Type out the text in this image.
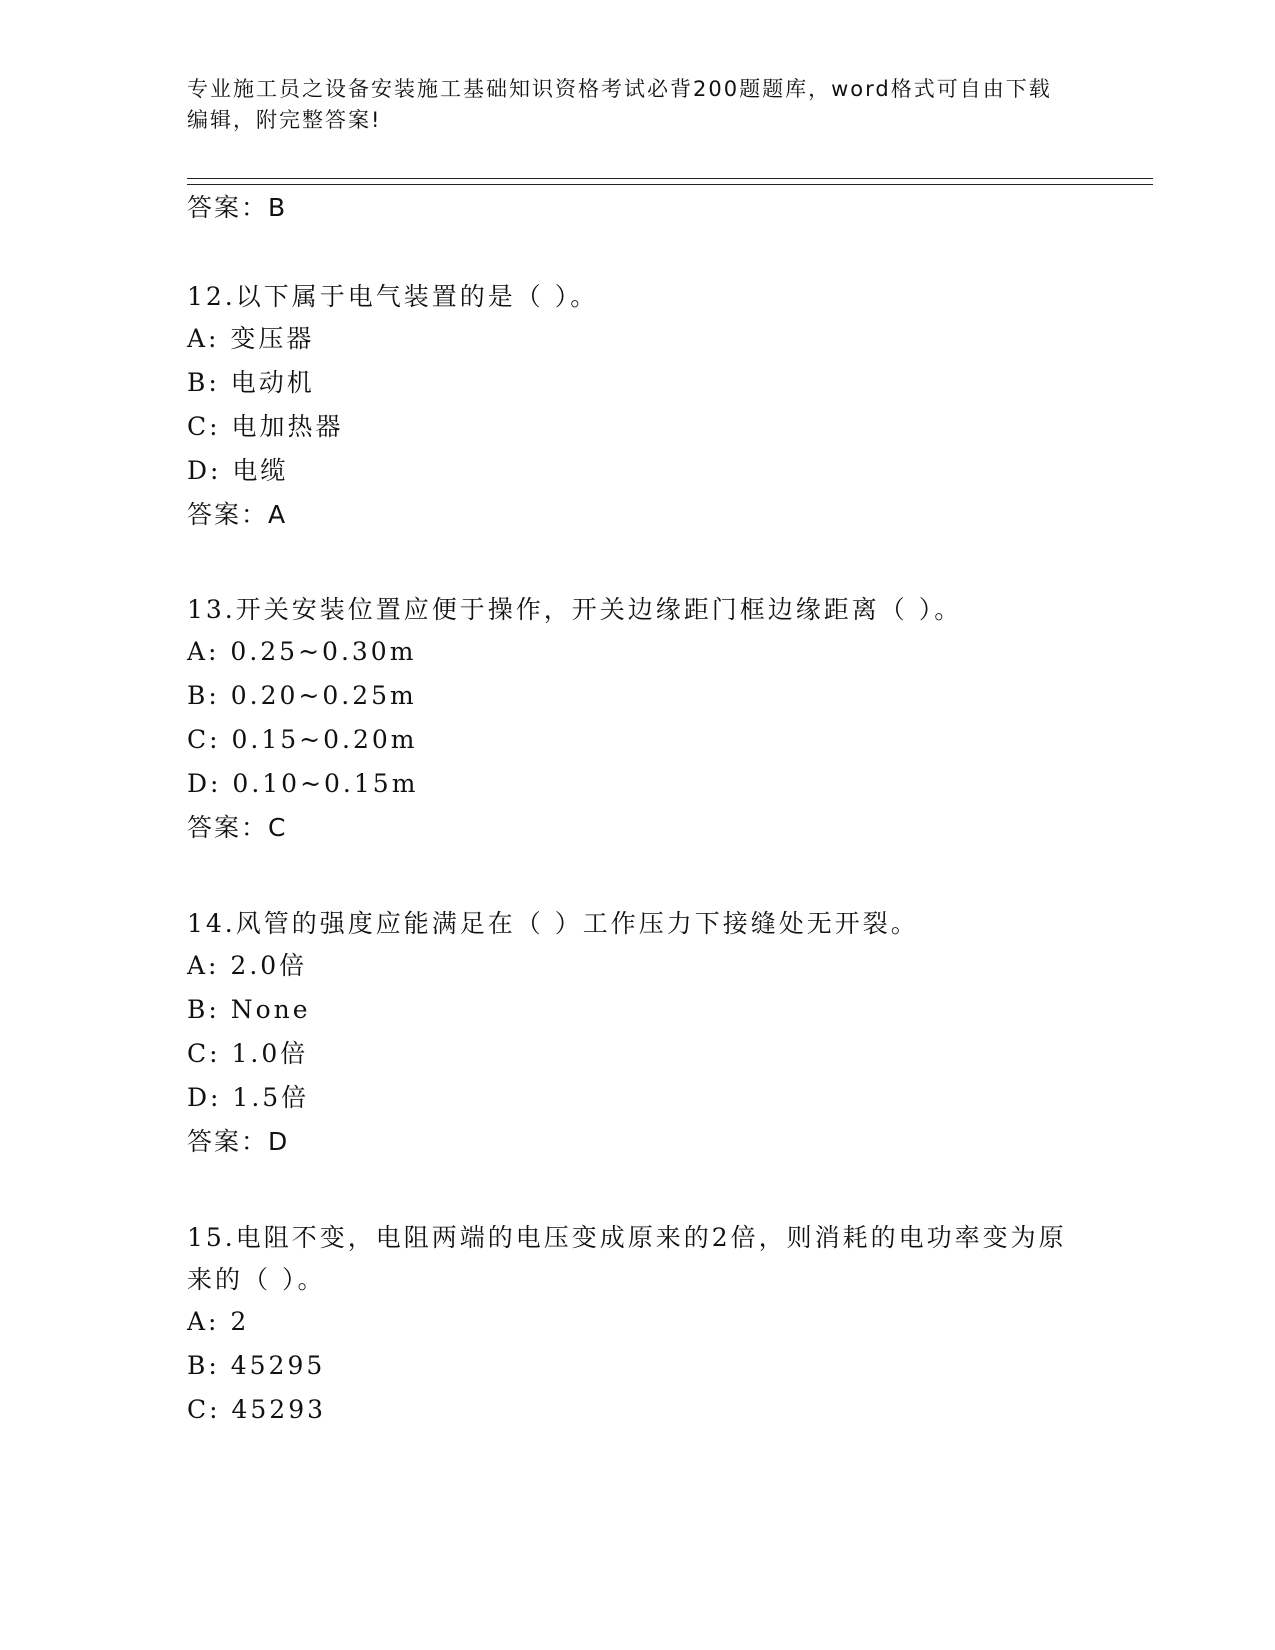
专业施工员之设备安装施工基础知识资格考试必背200题题库，word格式可自由下载编辑，附完整答案!
答案：B
12.以下属于电气装置的是（ ）。
A: 变压器
B: 电动机
C: 电加热器
D: 电缆
答案：A
13.开关安装位置应便于操作，开关边缘距门框边缘距离（ ）。
A: 0.25~0.30m
B: 0.20~0.25m
C: 0.15~0.20m
D: 0.10~0.15m
答案：C
14.风管的强度应能满足在（ ）工作压力下接缝处无开裂。
A: 2.0倍
B: None
C: 1.0倍
D: 1.5倍
答案：D
15.电阻不变，电阻两端的电压变成原来的2倍，则消耗的电功率变为原来的（ ）。
A: 2
B: 45295
C: 45293
